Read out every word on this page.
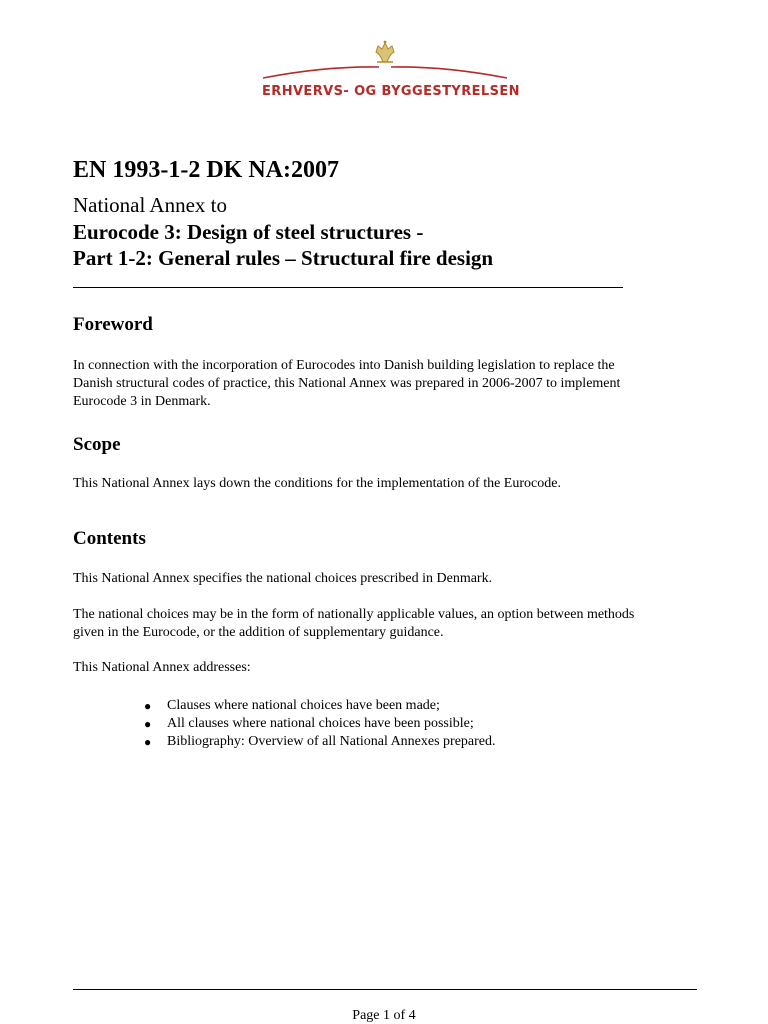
ERHVERVS- OG BYGGESTYRELSEN
EN 1993-1-2 DK NA:2007
National Annex to
Eurocode 3: Design of steel structures -
Part 1-2: General rules – Structural fire design
Foreword

In connection with the incorporation of Eurocodes into Danish building legislation to replace the
Danish structural codes of practice, this National Annex was prepared in 2006-2007 to implement
Eurocode 3 in Denmark.

Scope

This National Annex lays down the conditions for the implementation of the Eurocode.

Contents

This National Annex specifies the national choices prescribed in Denmark.

The national choices may be in the form of nationally applicable values, an option between methods
given in the Eurocode, or the addition of supplementary guidance.

This National Annex addresses:

● Clauses where national choices have been made;
● All clauses where national choices have been possible;
● Bibliography: Overview of all National Annexes prepared.
Page 1 of 4
